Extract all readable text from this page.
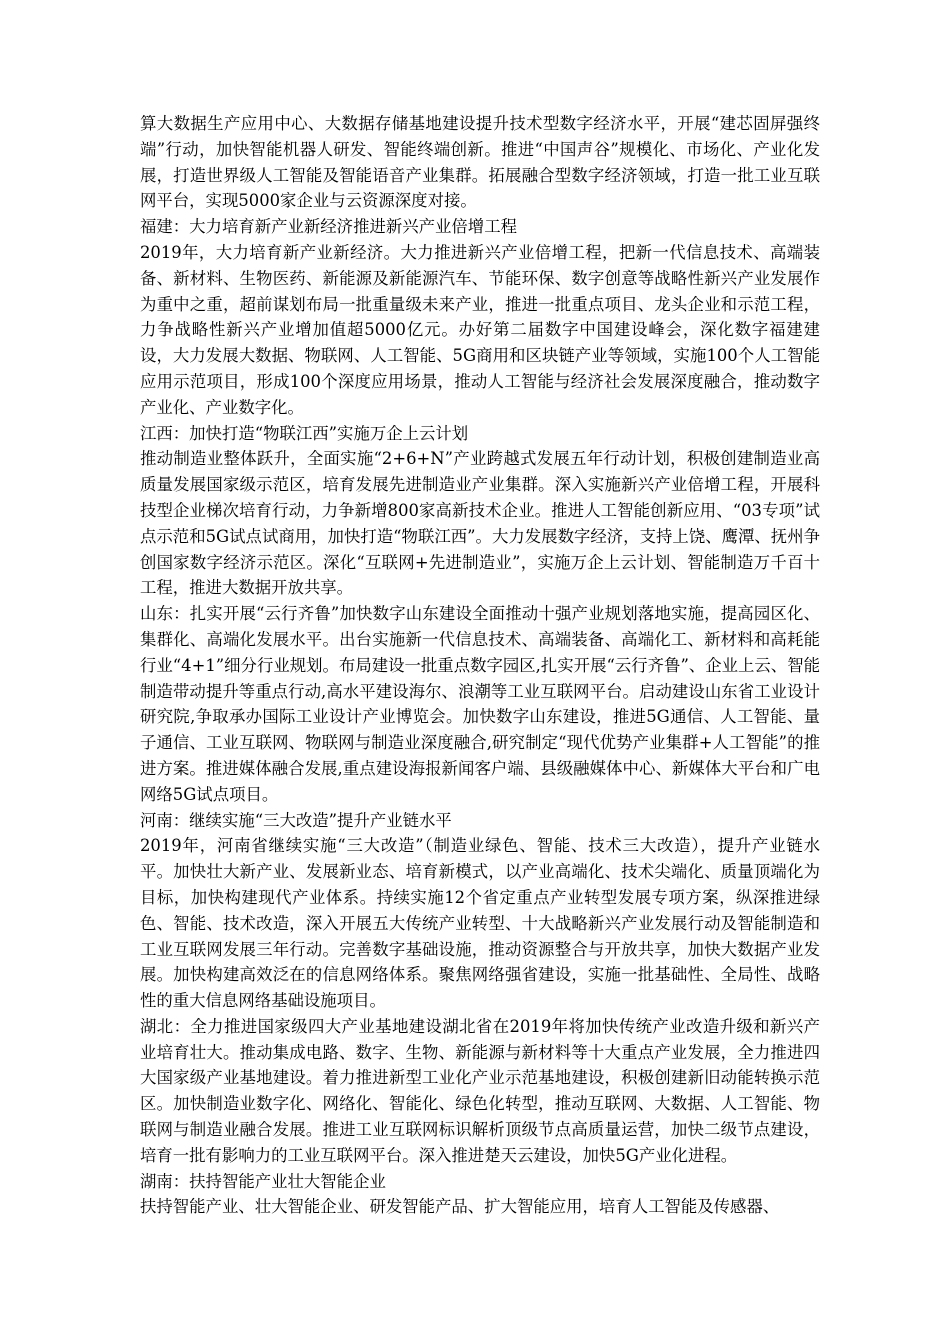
算大数据生产应用中心、大数据存储基地建设提升技术型数字经济水平，开展“建芯固屏强终端”行动，加快智能机器人研发、智能终端创新。推进“中国声谷”规模化、市场化、产业化发展，打造世界级人工智能及智能语音产业集群。拓展融合型数字经济领域，打造一批工业互联网平台，实现5000家企业与云资源深度对接。

福建：大力培育新产业新经济推进新兴产业倍增工程

2019年，大力培育新产业新经济。大力推进新兴产业倍增工程，把新一代信息技术、高端装备、新材料、生物医药、新能源及新能源汽车、节能环保、数字创意等战略性新兴产业发展作为重中之重，超前谋划布局一批重量级未来产业，推进一批重点项目、龙头企业和示范工程，力争战略性新兴产业增加值超5000亿元。办好第二届数字中国建设峰会，深化数字福建建设，大力发展大数据、物联网、人工智能、5G商用和区块链产业等领域，实施100个人工智能应用示范项目，形成100个深度应用场景，推动人工智能与经济社会发展深度融合，推动数字产业化、产业数字化。

江西：加快打造“物联江西”实施万企上云计划

推动制造业整体跃升，全面实施“2+6+N”产业跨越式发展五年行动计划，积极创建制造业高质量发展国家级示范区，培育发展先进制造业产业集群。深入实施新兴产业倍增工程，开展科技型企业梯次培育行动，力争新增800家高新技术企业。推进人工智能创新应用、“03专项”试点示范和5G试点试商用，加快打造“物联江西”。大力发展数字经济，支持上饶、鹰潭、抚州争创国家数字经济示范区。深化“互联网+先进制造业”，实施万企上云计划、智能制造万千百十工程，推进大数据开放共享。

山东：扎实开展“云行齐鲁”加快数字山东建设全面推动十强产业规划落地实施，提高园区化、集群化、高端化发展水平。出台实施新一代信息技术、高端装备、高端化工、新材料和高耗能行业“4+1”细分行业规划。布局建设一批重点数字园区,扎实开展“云行齐鲁”、企业上云、智能制造带动提升等重点行动,高水平建设海尔、浪潮等工业互联网平台。启动建设山东省工业设计研究院,争取承办国际工业设计产业博览会。加快数字山东建设，推进5G通信、人工智能、量子通信、工业互联网、物联网与制造业深度融合,研究制定“现代优势产业集群+人工智能”的推进方案。推进媒体融合发展,重点建设海报新闻客户端、县级融媒体中心、新媒体大平台和广电网络5G试点项目。

河南：继续实施“三大改造”提升产业链水平

2019年，河南省继续实施“三大改造”（制造业绿色、智能、技术三大改造），提升产业链水平。加快壮大新产业、发展新业态、培育新模式，以产业高端化、技术尖端化、质量顶端化为目标，加快构建现代产业体系。持续实施12个省定重点产业转型发展专项方案，纵深推进绿色、智能、技术改造，深入开展五大传统产业转型、十大战略新兴产业发展行动及智能制造和工业互联网发展三年行动。完善数字基础设施，推动资源整合与开放共享，加快大数据产业发展。加快构建高效泛在的信息网络体系。聚焦网络强省建设，实施一批基础性、全局性、战略性的重大信息网络基础设施项目。

湖北：全力推进国家级四大产业基地建设湖北省在2019年将加快传统产业改造升级和新兴产业培育壮大。推动集成电路、数字、生物、新能源与新材料等十大重点产业发展，全力推进四大国家级产业基地建设。着力推进新型工业化产业示范基地建设，积极创建新旧动能转换示范区。加快制造业数字化、网络化、智能化、绿色化转型，推动互联网、大数据、人工智能、物联网与制造业融合发展。推进工业互联网标识解析顶级节点高质量运营，加快二级节点建设，培育一批有影响力的工业互联网平台。深入推进楚天云建设，加快5G产业化进程。

湖南：扶持智能产业壮大智能企业

扶持智能产业、壮大智能企业、研发智能产品、扩大智能应用，培育人工智能及传感器、
